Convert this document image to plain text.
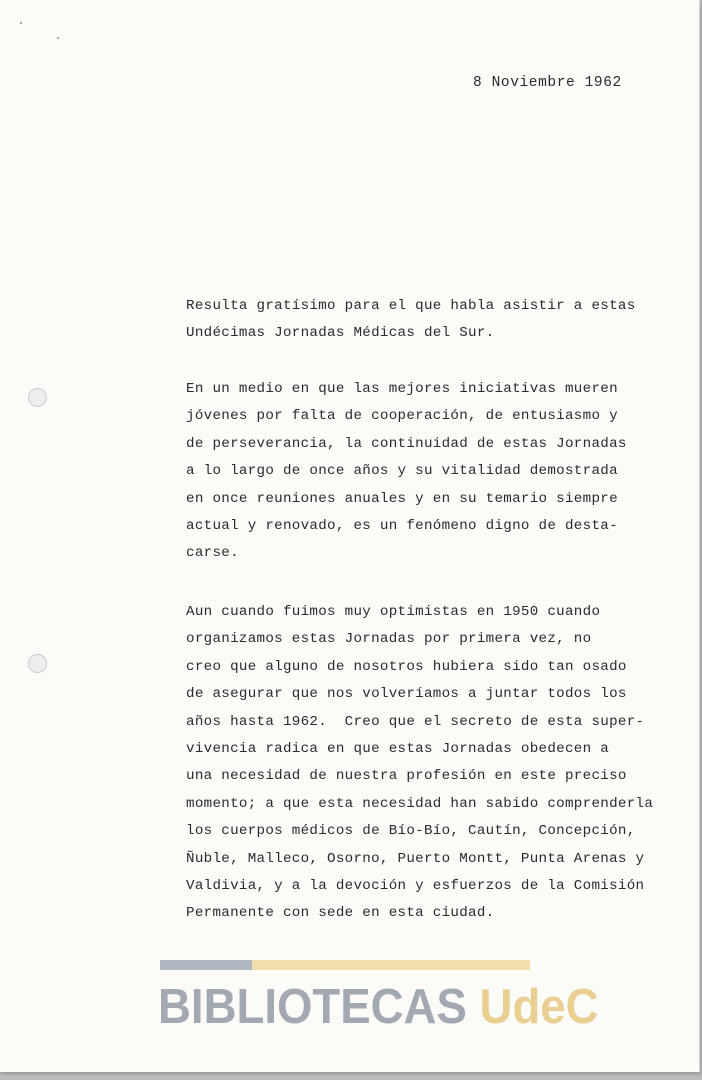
8 Noviembre 1962
Resulta gratísimo para el que habla asistir a estas
Undécimas Jornadas Médicas del Sur.
En un medio en que las mejores iniciativas mueren
jóvenes por falta de cooperación, de entusiasmo y
de perseverancia, la continuidad de estas Jornadas
a lo largo de once años y su vitalidad demostrada
en once reuniones anuales y en su temario siempre
actual y renovado, es un fenómeno digno de desta-
carse.
Aun cuando fuimos muy optimistas en 1950 cuando
organizamos estas Jornadas por primera vez, no
creo que alguno de nosotros hubiera sido tan osado
de asegurar que nos volveríamos a juntar todos los
años hasta 1962.  Creo que el secreto de esta super-
vivencia radica en que estas Jornadas obedecen a
una necesidad de nuestra profesión en este preciso
momento; a que esta necesidad han sabido comprenderla
los cuerpos médicos de Bío-Bío, Cautín, Concepción,
Ñuble, Malleco, Osorno, Puerto Montt, Punta Arenas y
Valdivia, y a la devoción y esfuerzos de la Comisión
Permanente con sede en esta ciudad.
BIBLIOTECAS UdeC
